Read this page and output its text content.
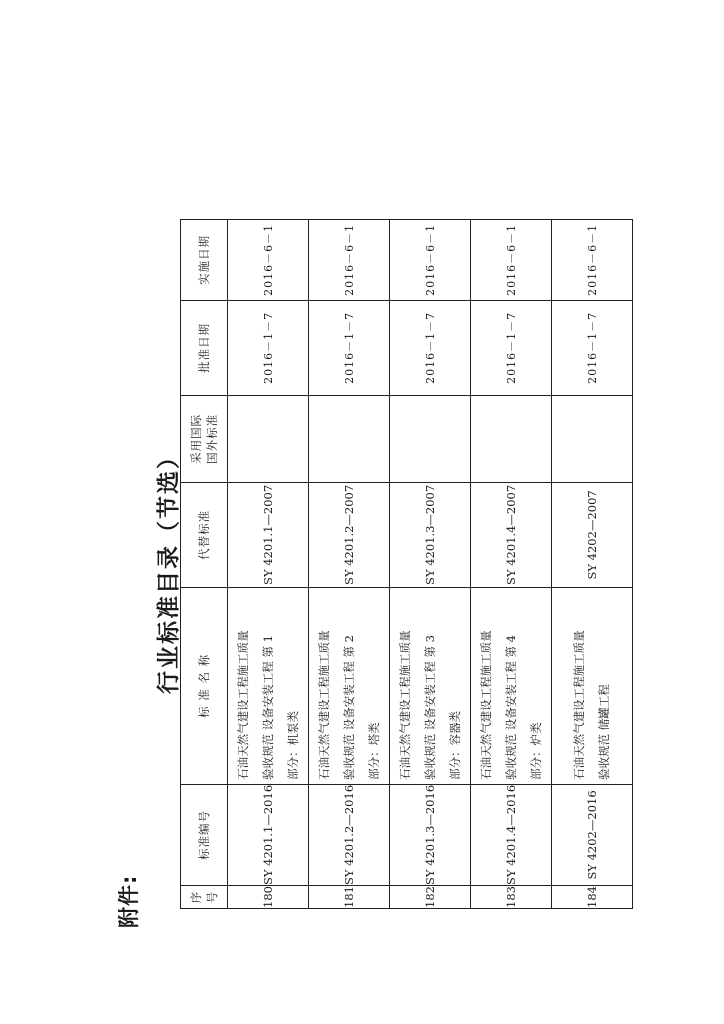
附件:
行业标准目录（节选）
序号	标准编号	标 准 名 称	代替标准	采用国际 国外标准	批准日期	实施日期
180	SY 4201.1—2016	石油天然气建设工程施工质量 验收规范 设备安装工程 第 1 部分：机泵类	SY 4201.1—2007		2016－1－7	2016－6－1
181	SY 4201.2—2016	石油天然气建设工程施工质量 验收规范 设备安装工程 第 2 部分：塔类	SY 4201.2—2007		2016－1－7	2016－6－1
182	SY 4201.3—2016	石油天然气建设工程施工质量 验收规范 设备安装工程 第 3 部分：容器类	SY 4201.3—2007		2016－1－7	2016－6－1
183	SY 4201.4—2016	石油天然气建设工程施工质量 验收规范 设备安装工程 第 4 部分：炉类	SY 4201.4—2007		2016－1－7	2016－6－1
184	SY 4202—2016	石油天然气建设工程施工质量 验收规范 储罐工程	SY 4202—2007		2016－1－7	2016－6－1
